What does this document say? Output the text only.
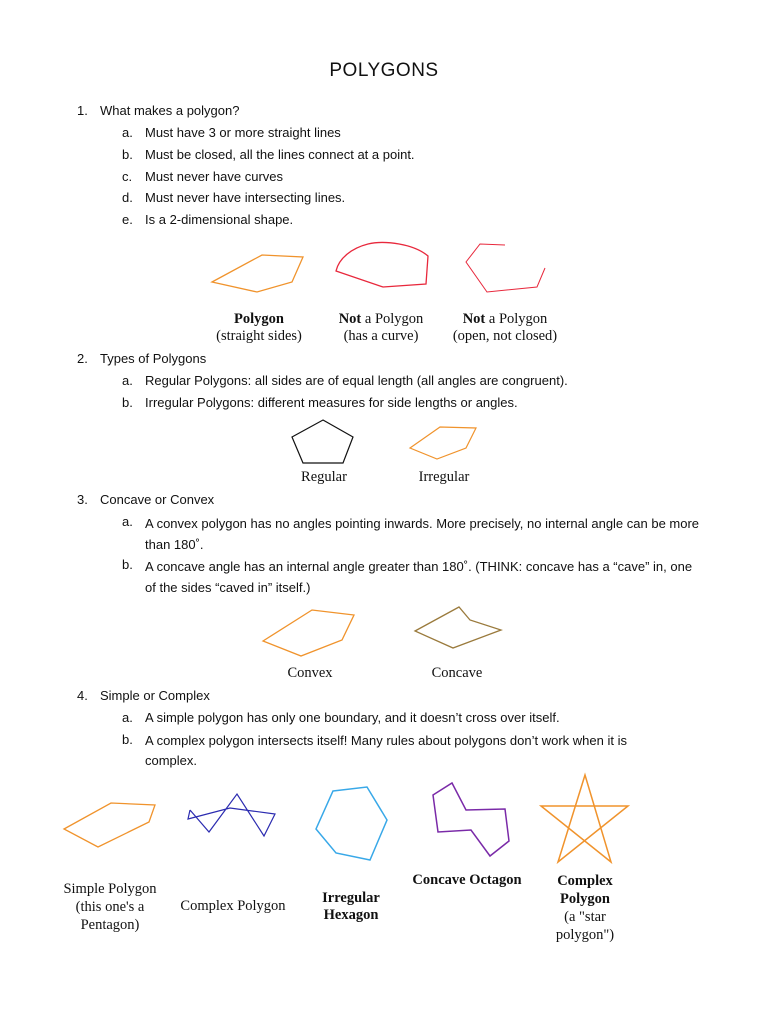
POLYGONS
1. What makes a polygon?
a. Must have 3 or more straight lines
b. Must be closed, all the lines connect at a point.
c. Must never have curves
d. Must never have intersecting lines.
e. Is a 2-dimensional shape.
Polygon
(straight sides)
Not a Polygon
(has a curve)
Not a Polygon
(open, not closed)
2. Types of Polygons
a. Regular Polygons: all sides are of equal length (all angles are congruent).
b. Irregular Polygons: different measures for side lengths or angles.
Regular	Irregular
3. Concave or Convex
a. A convex polygon has no angles pointing inwards. More precisely, no internal angle can be more than 180˚.
b. A concave angle has an internal angle greater than 180˚. (THINK: concave has a “cave” in, one of the sides “caved in” itself.)
Convex	Concave
4. Simple or Complex
a. A simple polygon has only one boundary, and it doesn’t cross over itself.
b. A complex polygon intersects itself! Many rules about polygons don’t work when it is complex.
Simple Polygon
(this one's a
Pentagon)
Complex Polygon	Irregular
Hexagon
Concave Octagon	Complex
Polygon
(a "star
polygon")
